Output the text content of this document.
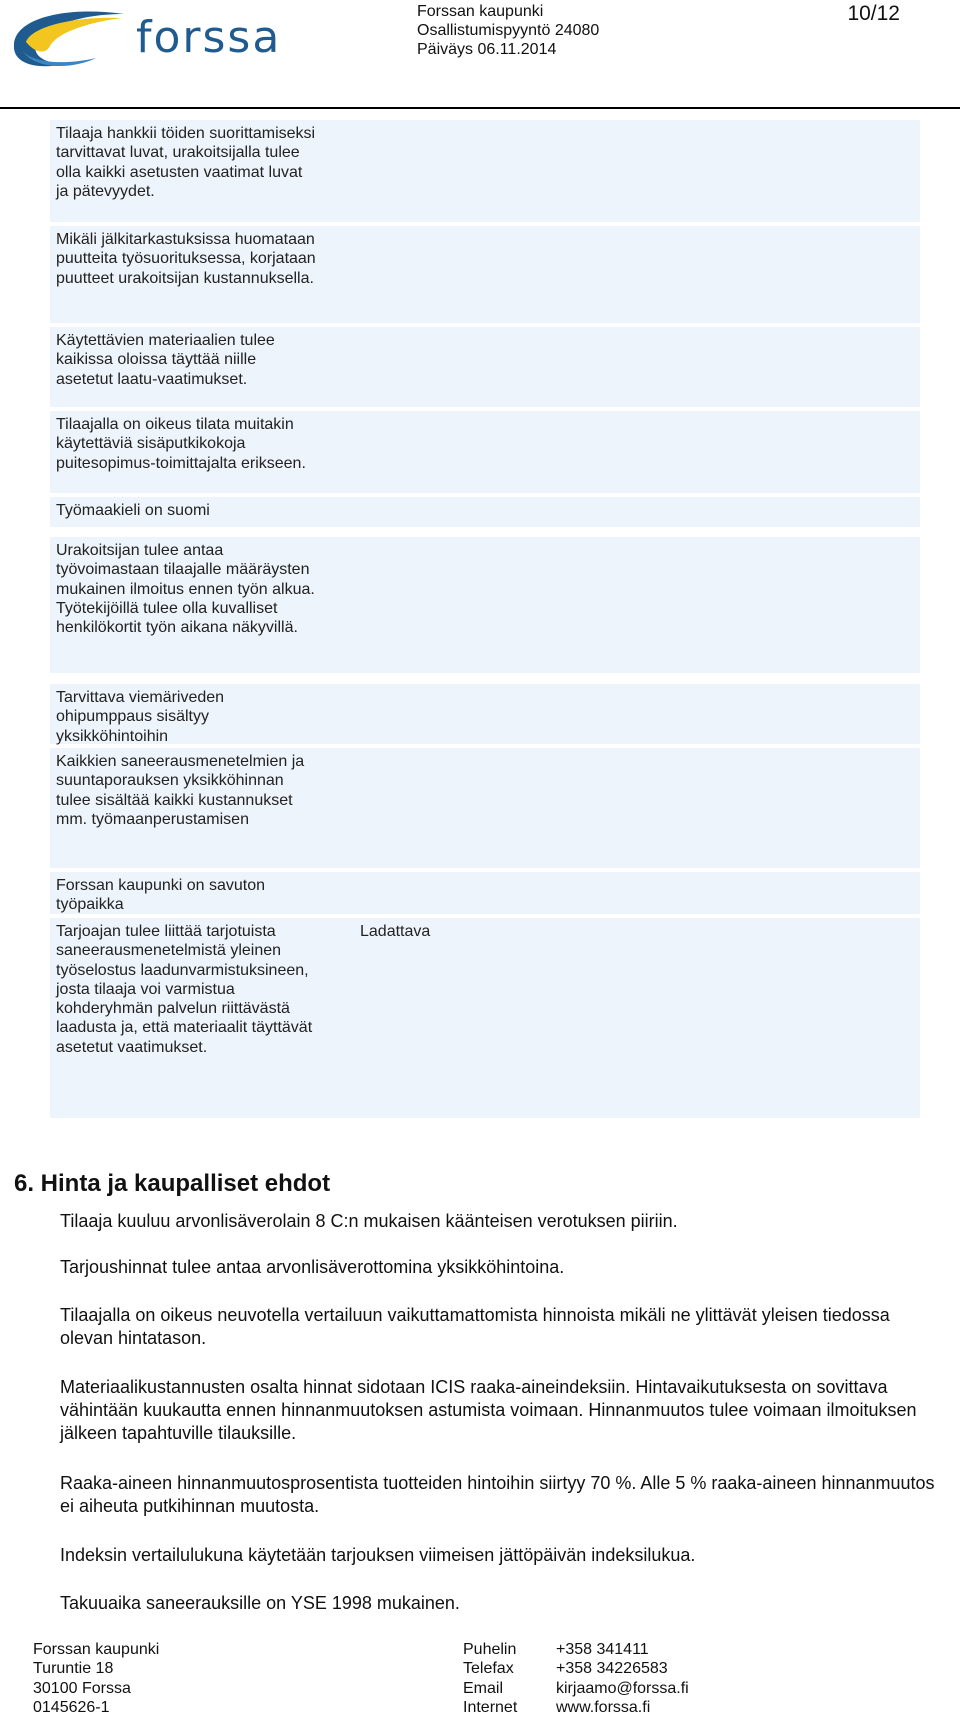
forssa
Forssan kaupunki
Osallistumispyyntö 24080
Päiväys 06.11.2014
10/12
Tilaaja hankkii töiden suorittamiseksi tarvittavat luvat, urakoitsijalla tulee olla kaikki asetusten vaatimat luvat ja pätevyydet.
Mikäli jälkitarkastuksissa huomataan puutteita työsuorituksessa, korjataan puutteet urakoitsijan kustannuksella.
Käytettävien materiaalien tulee kaikissa oloissa täyttää niille asetetut laatu-vaatimukset.
Tilaajalla on oikeus tilata muitakin käytettäviä sisäputkikokoja puitesopimus-toimittajalta erikseen.
Työmaakieli on suomi
Urakoitsijan tulee antaa työvoimastaan tilaajalle määräysten mukainen ilmoitus ennen työn alkua. Työtekijöillä tulee olla kuvalliset henkilökortit työn aikana näkyvillä.
Tarvittava viemäriveden ohipumppaus sisältyy yksikköhintoihin
Kaikkien saneerausmenetelmien ja suuntaporauksen yksikköhinnan tulee sisältää kaikki kustannukset mm. työmaanperustamisen
Forssan kaupunki on savuton työpaikka
Tarjoajan tulee liittää tarjotuista saneerausmenetelmistä yleinen työselostus laadunvarmistuksineen, josta tilaaja voi varmistua kohderyhmän palvelun riittävästä laadusta ja, että materiaalit täyttävät asetetut vaatimukset.
Ladattava
6. Hinta ja kaupalliset ehdot
Tilaaja kuuluu arvonlisäverolain 8 C:n mukaisen käänteisen verotuksen piiriin.
Tarjoushinnat tulee antaa arvonlisäverottomina yksikköhintoina.
Tilaajalla on oikeus neuvotella vertailuun vaikuttamattomista hinnoista mikäli ne ylittävät yleisen tiedossa olevan hintatason.
Materiaalikustannusten osalta hinnat sidotaan ICIS raaka-aineindeksiin. Hintavaikutuksesta on sovittava vähintään kuukautta ennen hinnanmuutoksen astumista voimaan. Hinnanmuutos tulee voimaan ilmoituksen jälkeen tapahtuville tilauksille.
Raaka-aineen hinnanmuutosprosentista tuotteiden hintoihin siirtyy 70 %. Alle 5 % raaka-aineen hinnanmuutos ei aiheuta putkihinnan muutosta.
Indeksin vertailulukuna käytetään tarjouksen viimeisen jättöpäivän indeksilukua.
Takuuaika saneerauksille on YSE 1998 mukainen.
Forssan kaupunki
Turuntie 18
30100 Forssa
0145626-1
Puhelin
Telefax
Email
Internet
+358 341411
+358 34226583
kirjaamo@forssa.fi
www.forssa.fi
